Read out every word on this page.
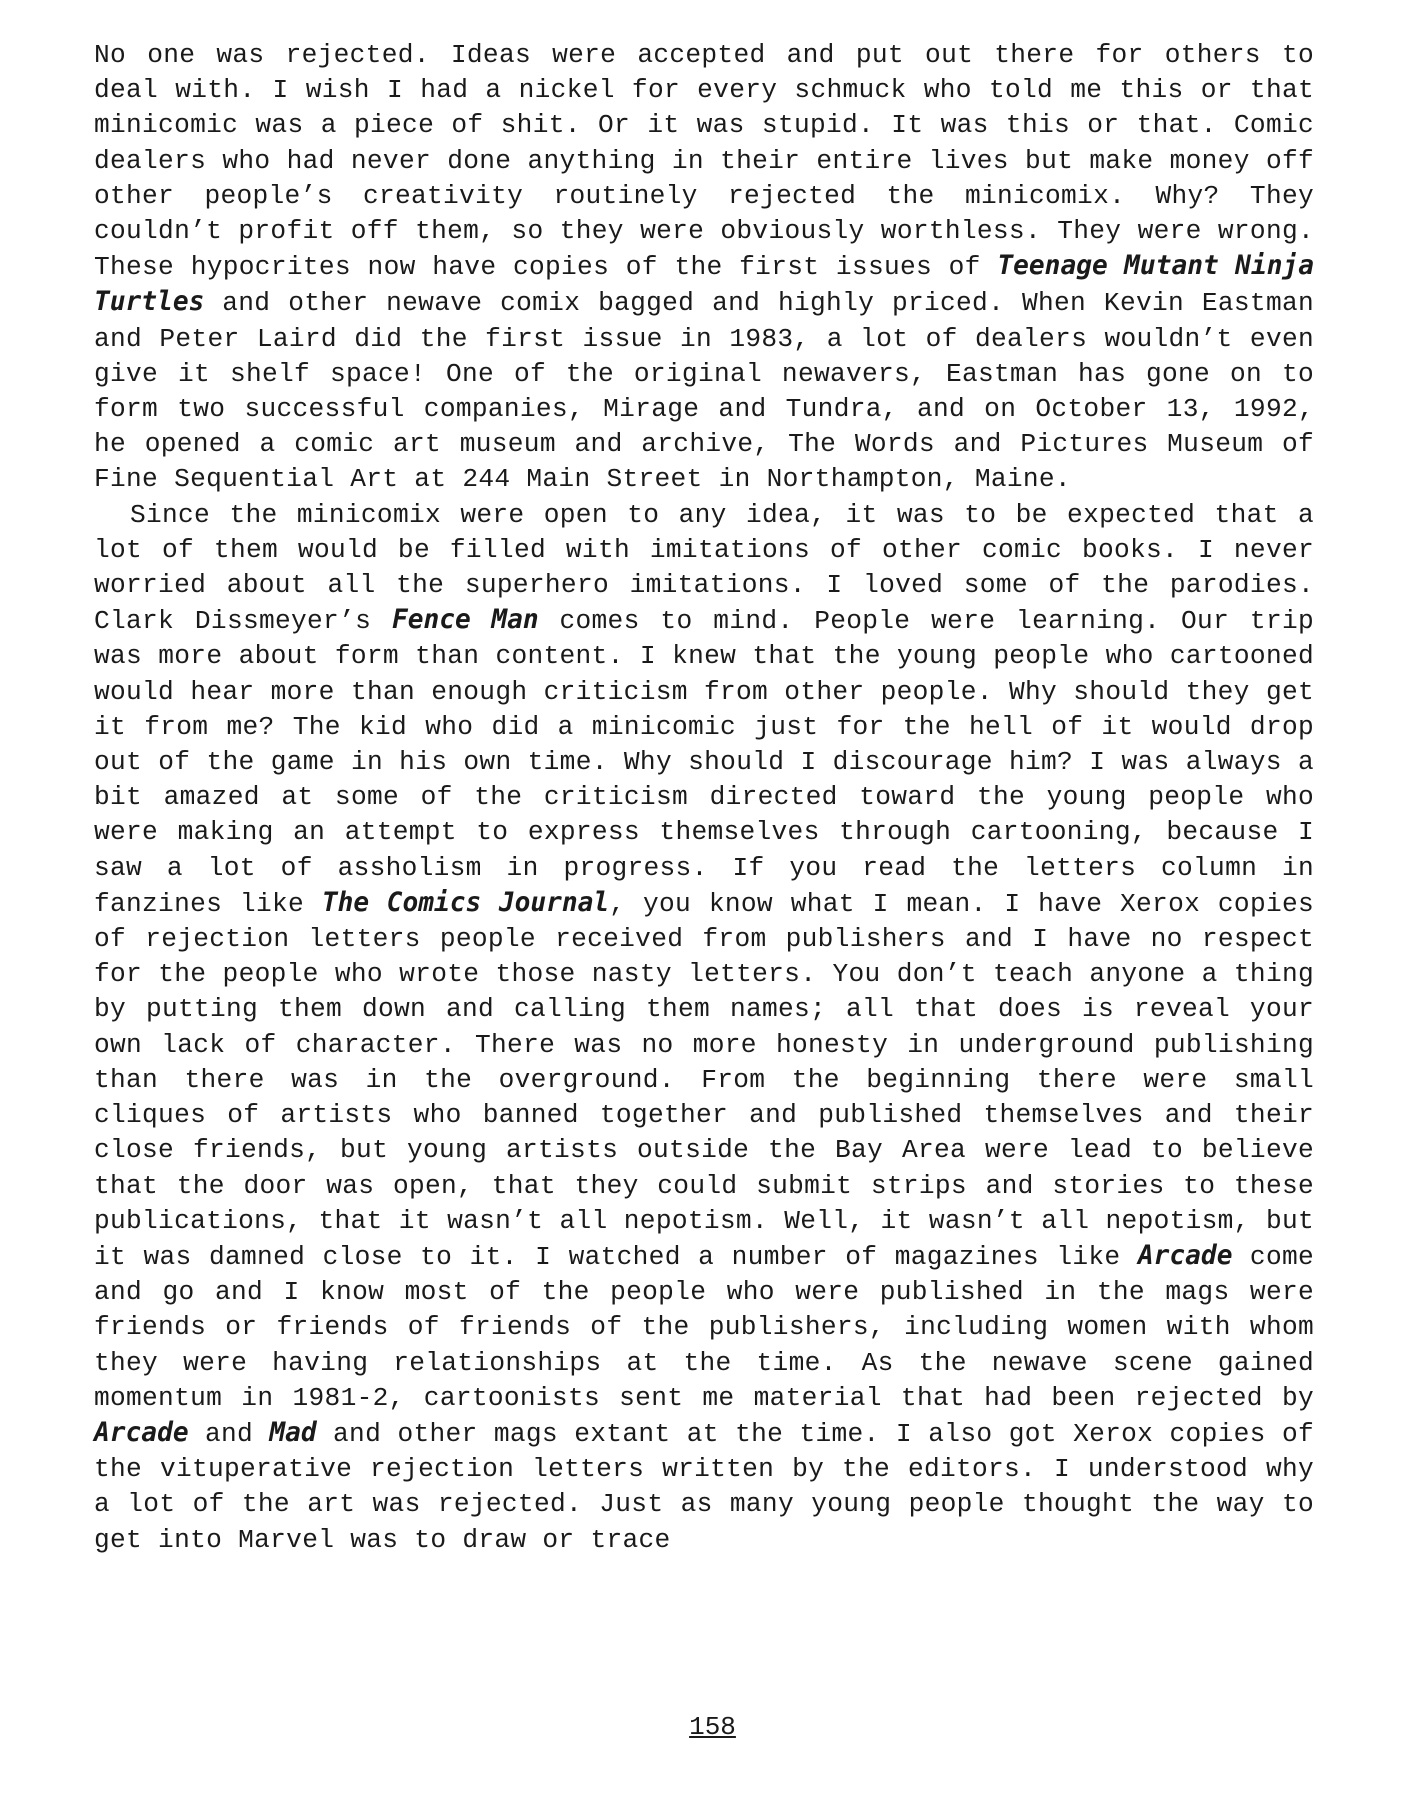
No one was rejected. Ideas were accepted and put out there for others to deal with. I wish I had a nickel for every schmuck who told me this or that minicomic was a piece of shit. Or it was stupid. It was this or that. Comic dealers who had never done anything in their entire lives but make money off other people’s creativity routinely rejected the minicomix. Why? They couldn’t profit off them, so they were obviously worthless. They were wrong. These hypocrites now have copies of the first issues of Teenage Mutant Ninja Turtles and other newave comix bagged and highly priced. When Kevin Eastman and Peter Laird did the first issue in 1983, a lot of dealers wouldn’t even give it shelf space! One of the original newavers, Eastman has gone on to form two successful companies, Mirage and Tundra, and on October 13, 1992, he opened a comic art museum and archive, The Words and Pictures Museum of Fine Sequential Art at 244 Main Street in Northampton, Maine.

Since the minicomix were open to any idea, it was to be expected that a lot of them would be filled with imitations of other comic books. I never worried about all the superhero imitations. I loved some of the parodies. Clark Dissmeyer’s Fence Man comes to mind. People were learning. Our trip was more about form than content. I knew that the young people who cartooned would hear more than enough criticism from other people. Why should they get it from me? The kid who did a minicomic just for the hell of it would drop out of the game in his own time. Why should I discourage him? I was always a bit amazed at some of the criticism directed toward the young people who were making an attempt to express themselves through cartooning, because I saw a lot of assholism in progress. If you read the letters column in fanzines like The Comics Journal, you know what I mean. I have Xerox copies of rejection letters people received from publishers and I have no respect for the people who wrote those nasty letters. You don’t teach anyone a thing by putting them down and calling them names; all that does is reveal your own lack of character. There was no more honesty in underground publishing than there was in the overground. From the beginning there were small cliques of artists who banned together and published themselves and their close friends, but young artists outside the Bay Area were lead to believe that the door was open, that they could submit strips and stories to these publications, that it wasn’t all nepotism. Well, it wasn’t all nepotism, but it was damned close to it. I watched a number of magazines like Arcade come and go and I know most of the people who were published in the mags were friends or friends of friends of the publishers, including women with whom they were having relationships at the time. As the newave scene gained momentum in 1981-2, cartoonists sent me material that had been rejected by Arcade and Mad and other mags extant at the time. I also got Xerox copies of the vituperative rejection letters written by the editors. I understood why a lot of the art was rejected. Just as many young people thought the way to get into Marvel was to draw or trace

158
